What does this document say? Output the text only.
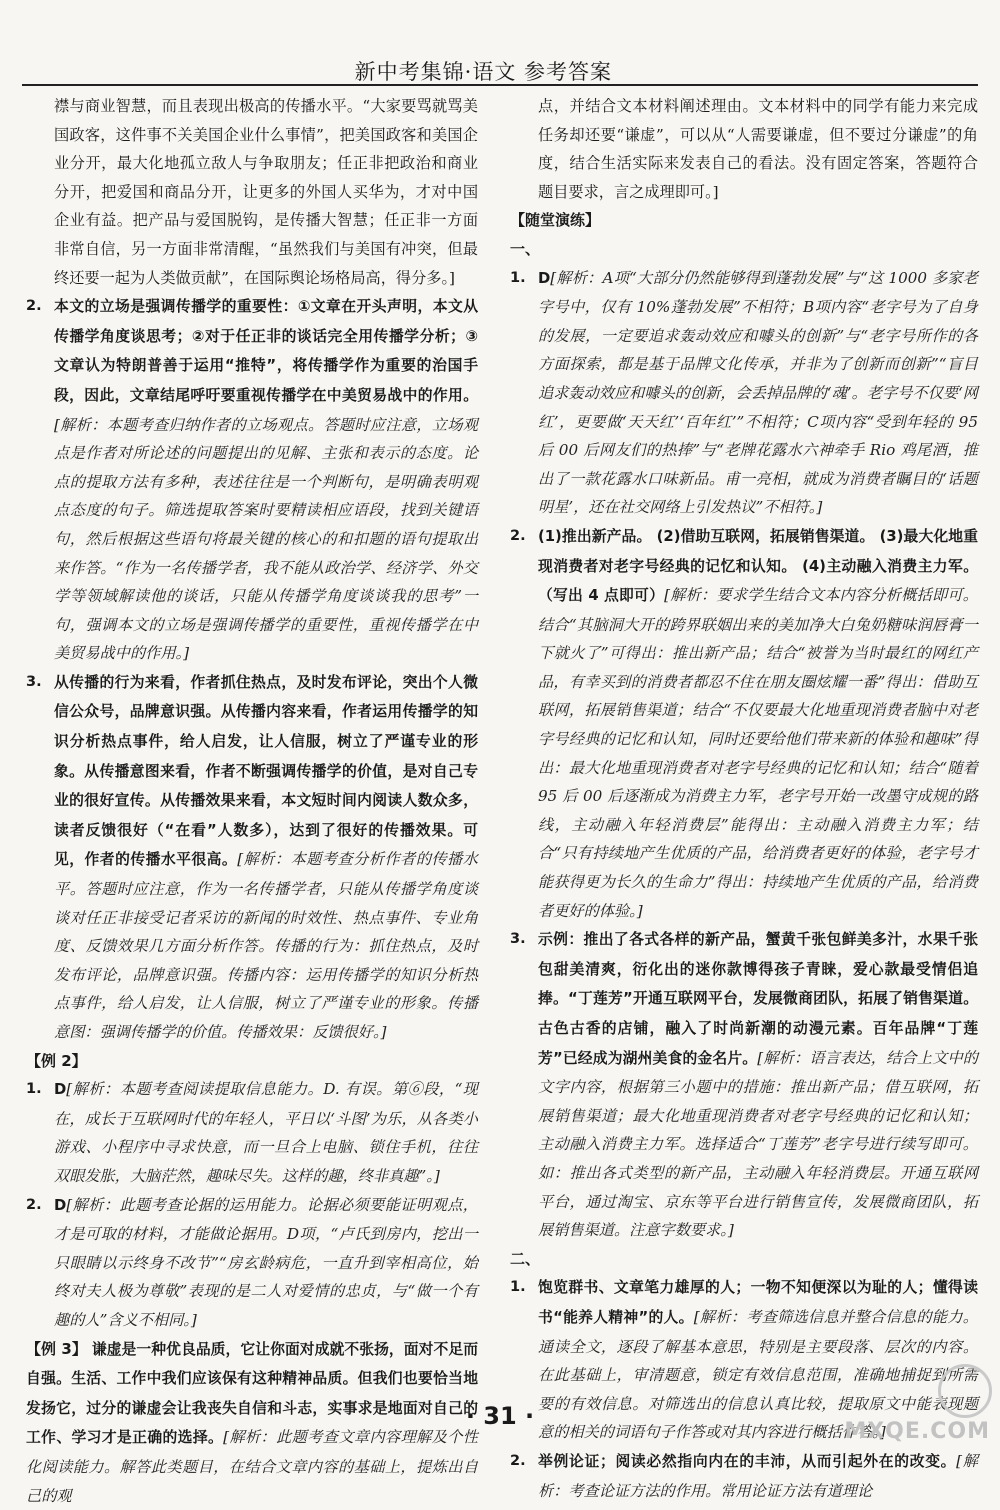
新中考集锦·语文 参考答案

襟与商业智慧，而且表现出极高的传播水平。“大家要骂就骂美国政客，这件事不关美国企业什么事情”，把美国政客和美国企业分开，最大化地孤立敌人与争取朋友；任正非把政治和商业分开，把爱国和商品分开，让更多的外国人买华为，才对中国企业有益。把产品与爱国脱钩，是传播大智慧；任正非一方面非常自信，另一方面非常清醒，“虽然我们与美国有冲突，但最终还要一起为人类做贡献”，在国际舆论场格局高，得分多。]

2. 本文的立场是强调传播学的重要性：①文章在开头声明，本文从传播学角度谈思考；②对于任正非的谈话完全用传播学分析；③文章认为特朗普善于运用“推特”，将传播学作为重要的治国手段，因此，文章结尾呼吁要重视传播学在中美贸易战中的作用。[解析：本题考查归纳作者的立场观点。答题时应注意，立场观点是作者对所论述的问题提出的见解、主张和表示的态度。论点的提取方法有多种，表述往往是一个判断句，是明确表明观点态度的句子。筛选提取答案时要精读相应语段，找到关键语句，然后根据这些语句将最关键的核心的和扣题的语句提取出来作答。“作为一名传播学者，我不能从政治学、经济学、外交学等领域解读他的谈话，只能从传播学角度谈谈我的思考”一句，强调本文的立场是强调传播学的重要性，重视传播学在中美贸易战中的作用。]

3. 从传播的行为来看，作者抓住热点，及时发布评论，突出个人微信公众号，品牌意识强。从传播内容来看，作者运用传播学的知识分析热点事件，给人启发，让人信服，树立了严谨专业的形象。从传播意图来看，作者不断强调传播学的价值，是对自己专业的很好宣传。从传播效果来看，本文短时间内阅读人数众多，读者反馈很好（“在看”人数多），达到了很好的传播效果。可见，作者的传播水平很高。[解析：本题考查分析作者的传播水平。答题时应注意，作为一名传播学者，只能从传播学角度谈谈对任正非接受记者采访的新闻的时效性、热点事件、专业角度、反馈效果几方面分析作答。传播的行为：抓住热点，及时发布评论，品牌意识强。传播内容：运用传播学的知识分析热点事件，给人启发，让人信服，树立了严谨专业的形象。传播意图：强调传播学的价值。传播效果：反馈很好。]

【例 2】

1. D[解析：本题考查阅读提取信息能力。D. 有误。第⑥段，“现在，成长于互联网时代的年轻人，平日以‘斗图’为乐，从各类小游戏、小程序中寻求快意，而一旦合上电脑、锁住手机，往往双眼发胀，大脑茫然，趣味尽失。这样的趣，终非真趣”。]

2. D[解析：此题考查论据的运用能力。论据必须要能证明观点，才是可取的材料，才能做论据用。D项，“卢氏到房内，挖出一只眼睛以示终身不改节”“房玄龄病危，一直升到宰相高位，始终对夫人极为尊敬”表现的是二人对爱情的忠贞，与“做一个有趣的人”含义不相同。]

【例 3】 谦虚是一种优良品质，它让你面对成就不张扬，面对不足而自强。生活、工作中我们应该保有这种精神品质。但我们也要恰当地发扬它，过分的谦虚会让我丧失自信和斗志，实事求是地面对自己的工作、学习才是正确的选择。[解析：此题考查文章内容理解及个性化阅读能力。解答此类题目，在结合文章内容的基础上，提炼出自己的观

点，并结合文本材料阐述理由。文本材料中的同学有能力来完成任务却还要“谦虚”，可以从“人需要谦虚，但不要过分谦虚”的角度，结合生活实际来发表自己的看法。没有固定答案，答题符合题目要求，言之成理即可。]

【随堂演练】

一、

1. D[解析：A项“大部分仍然能够得到蓬勃发展”与“这 1000 多家老字号中，仅有 10%蓬勃发展”不相符；B项内容“老字号为了自身的发展，一定要追求轰动效应和噱头的创新”与“老字号所作的各方面探索，都是基于品牌文化传承，并非为了创新而创新”“盲目追求轰动效应和噱头的创新，会丢掉品牌的‘魂’。老字号不仅要‘网红’，更要做‘天天红’‘百年红’”不相符；C项内容“受到年轻的 95 后 00 后网友们的热捧”与“老牌花露水六神牵手 Rio 鸡尾酒，推出了一款花露水口味新品。甫一亮相，就成为消费者瞩目的‘话题明星’，还在社交网络上引发热议”不相符。]

2. (1)推出新产品。 (2)借助互联网，拓展销售渠道。 (3)最大化地重现消费者对老字号经典的记忆和认知。 (4)主动融入消费主力军。（写出 4 点即可）[解析：要求学生结合文本内容分析概括即可。结合“其脑洞大开的跨界联姻出来的美加净大白兔奶糖味润唇膏一下就火了”可得出：推出新产品；结合“被誉为当时最红的网红产品，有幸买到的消费者都忍不住在朋友圈炫耀一番”得出：借助互联网，拓展销售渠道；结合“不仅要最大化地重现消费者脑中对老字号经典的记忆和认知，同时还要给他们带来新的体验和趣味”得出：最大化地重现消费者对老字号经典的记忆和认知；结合“随着 95 后 00 后逐渐成为消费主力军，老字号开始一改墨守成规的路线，主动融入年轻消费层”能得出：主动融入消费主力军；结合“只有持续地产生优质的产品，给消费者更好的体验，老字号才能获得更为长久的生命力”得出：持续地产生优质的产品，给消费者更好的体验。]

3. 示例：推出了各式各样的新产品，蟹黄千张包鲜美多汁，水果千张包甜美清爽，衍化出的迷你款博得孩子青睐，爱心款最受情侣追捧。“丁莲芳”开通互联网平台，发展微商团队，拓展了销售渠道。古色古香的店铺，融入了时尚新潮的动漫元素。百年品牌“丁莲芳”已经成为湖州美食的金名片。[解析：语言表达，结合上文中的文字内容，根据第三小题中的措施：推出新产品；借互联网，拓展销售渠道；最大化地重现消费者对老字号经典的记忆和认知；主动融入消费主力军。选择适合“丁莲芳”老字号进行续写即可。如：推出各式类型的新产品，主动融入年轻消费层。开通互联网平台，通过淘宝、京东等平台进行销售宣传，发展微商团队，拓展销售渠道。注意字数要求。]

二、

1. 饱览群书、文章笔力雄厚的人；一物不知便深以为耻的人；懂得读书“能养人精神”的人。[解析：考查筛选信息并整合信息的能力。通读全文，逐段了解基本意思，特别是主要段落、层次的内容。在此基础上，审清题意，锁定有效信息范围，准确地捕捉到所需要的有效信息。对筛选出的信息认真比较，提取原文中能表现题意的相关的词语句子作答或对其内容进行概括作答。]

2. 举例论证；阅读必然指向内在的丰沛，从而引起外在的改变。[解析：考查论证方法的作用。常用论证方法有道理论

· 31 ·
MXQE.COM
